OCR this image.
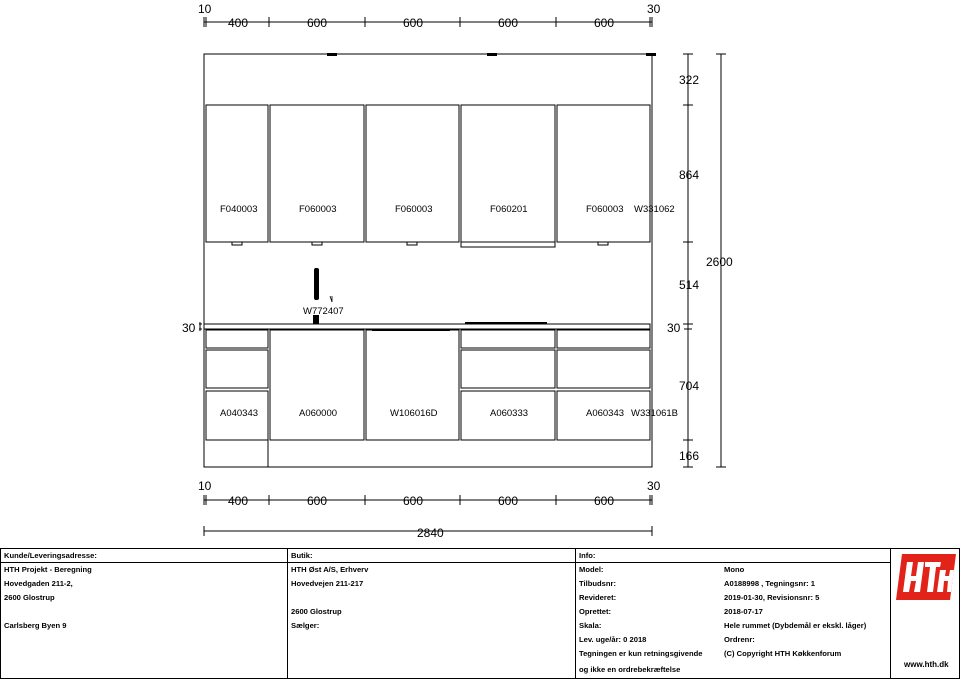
10	30
400	600	600	600	600
F040003	F060003	F060003	F060201	F060003 W331062
W772407
A040343	A060000	W106016D	A060333	A060343 W331061B
30
322
864
514
30
704
166
2600
10	30
400	600	600	600	600
2840
Kunde/Leveringsadresse:
HTH Projekt - Beregning
Hovedgaden 211-2,
2600 Glostrup
Carlsberg Byen 9
Butik:
HTH Øst A/S, Erhverv
Hovedvejen 211-217
2600 Glostrup
Sælger:
Info:
Model:	Mono
Tilbudsnr:	A0188998 , Tegningsnr: 1
Revideret:	2019-01-30, Revisionsnr: 5
Oprettet:	2018-07-17
Skala:	Hele rummet (Dybdemål er ekskl. låger)
Lev. uge/år: 0 2018	Ordrenr:
Tegningen er kun retningsgivende	(C) Copyright HTH Køkkenforum
og ikke en ordrebekræftelse
www.hth.dk
